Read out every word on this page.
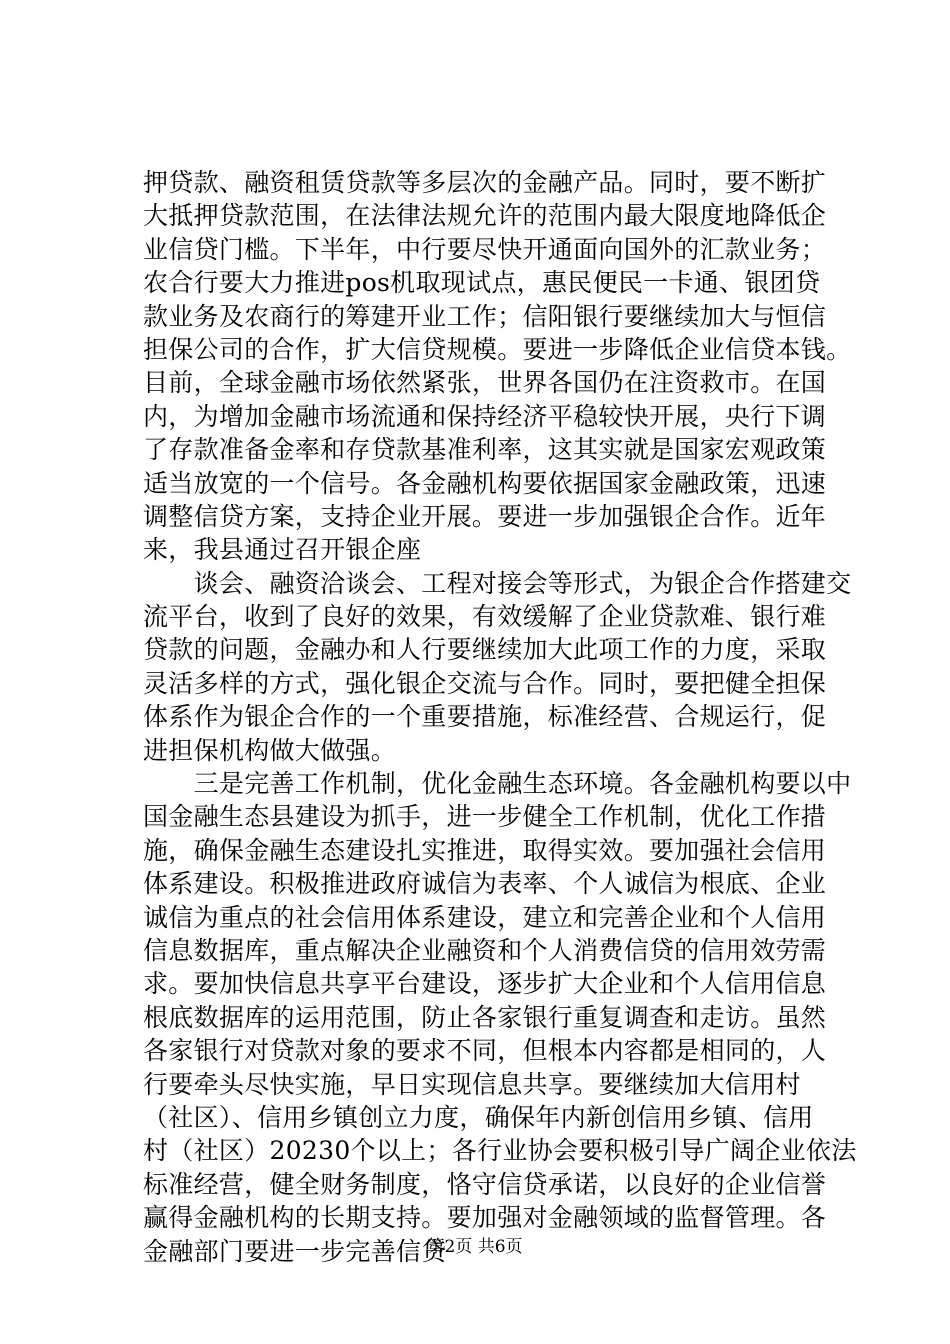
押贷款、融资租赁贷款等多层次的金融产品。同时，要不断扩
大抵押贷款范围，在法律法规允许的范围内最大限度地降低企
业信贷门槛。下半年，中行要尽快开通面向国外的汇款业务；
农合行要大力推进pos机取现试点，惠民便民一卡通、银团贷
款业务及农商行的筹建开业工作；信阳银行要继续加大与恒信
担保公司的合作，扩大信贷规模。要进一步降低企业信贷本钱。
目前，全球金融市场依然紧张，世界各国仍在注资救市。在国
内，为增加金融市场流通和保持经济平稳较快开展，央行下调
了存款准备金率和存贷款基准利率，这其实就是国家宏观政策
适当放宽的一个信号。各金融机构要依据国家金融政策，迅速
调整信贷方案，支持企业开展。要进一步加强银企合作。近年
来，我县通过召开银企座
　　谈会、融资洽谈会、工程对接会等形式，为银企合作搭建交
流平台，收到了良好的效果，有效缓解了企业贷款难、银行难
贷款的问题，金融办和人行要继续加大此项工作的力度，采取
灵活多样的方式，强化银企交流与合作。同时，要把健全担保
体系作为银企合作的一个重要措施，标准经营、合规运行，促
进担保机构做大做强。
　　三是完善工作机制，优化金融生态环境。各金融机构要以中
国金融生态县建设为抓手，进一步健全工作机制，优化工作措
施，确保金融生态建设扎实推进，取得实效。要加强社会信用
体系建设。积极推进政府诚信为表率、个人诚信为根底、企业
诚信为重点的社会信用体系建设，建立和完善企业和个人信用
信息数据库，重点解决企业融资和个人消费信贷的信用效劳需
求。要加快信息共享平台建设，逐步扩大企业和个人信用信息
根底数据库的运用范围，防止各家银行重复调查和走访。虽然
各家银行对贷款对象的要求不同，但根本内容都是相同的，人
行要牵头尽快实施，早日实现信息共享。要继续加大信用村
（社区）、信用乡镇创立力度，确保年内新创信用乡镇、信用
村（社区）20230个以上；各行业协会要积极引导广阔企业依法
标准经营，健全财务制度，恪守信贷承诺，以良好的企业信誉
赢得金融机构的长期支持。要加强对金融领域的监督管理。各
金融部门要进一步完善信贷
第2页 共6页
